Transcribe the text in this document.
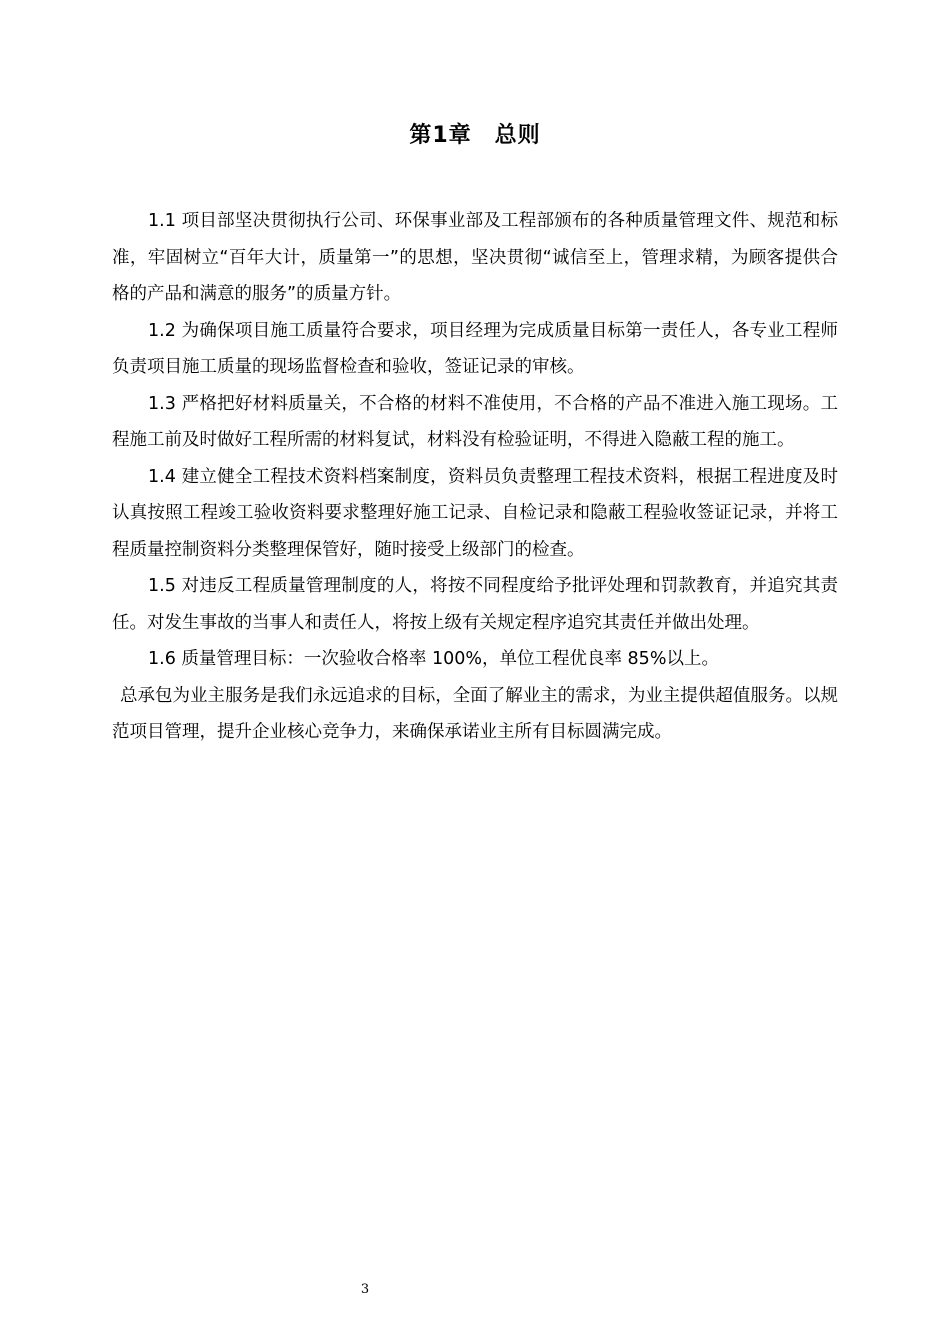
第1章　总则

1.1 项目部坚决贯彻执行公司、环保事业部及工程部颁布的各种质量管理文件、规范和标准，牢固树立“百年大计，质量第一”的思想，坚决贯彻“诚信至上，管理求精，为顾客提供合格的产品和满意的服务”的质量方针。

1.2 为确保项目施工质量符合要求，项目经理为完成质量目标第一责任人，各专业工程师负责项目施工质量的现场监督检查和验收，签证记录的审核。

1.3 严格把好材料质量关，不合格的材料不准使用，不合格的产品不准进入施工现场。工程施工前及时做好工程所需的材料复试，材料没有检验证明，不得进入隐蔽工程的施工。

1.4 建立健全工程技术资料档案制度，资料员负责整理工程技术资料，根据工程进度及时认真按照工程竣工验收资料要求整理好施工记录、自检记录和隐蔽工程验收签证记录，并将工程质量控制资料分类整理保管好，随时接受上级部门的检查。

1.5 对违反工程质量管理制度的人，将按不同程度给予批评处理和罚款教育，并追究其责任。对发生事故的当事人和责任人，将按上级有关规定程序追究其责任并做出处理。

1.6 质量管理目标：一次验收合格率 100%，单位工程优良率 85%以上。

总承包为业主服务是我们永远追求的目标，全面了解业主的需求，为业主提供超值服务。以规范项目管理，提升企业核心竞争力，来确保承诺业主所有目标圆满完成。

3
